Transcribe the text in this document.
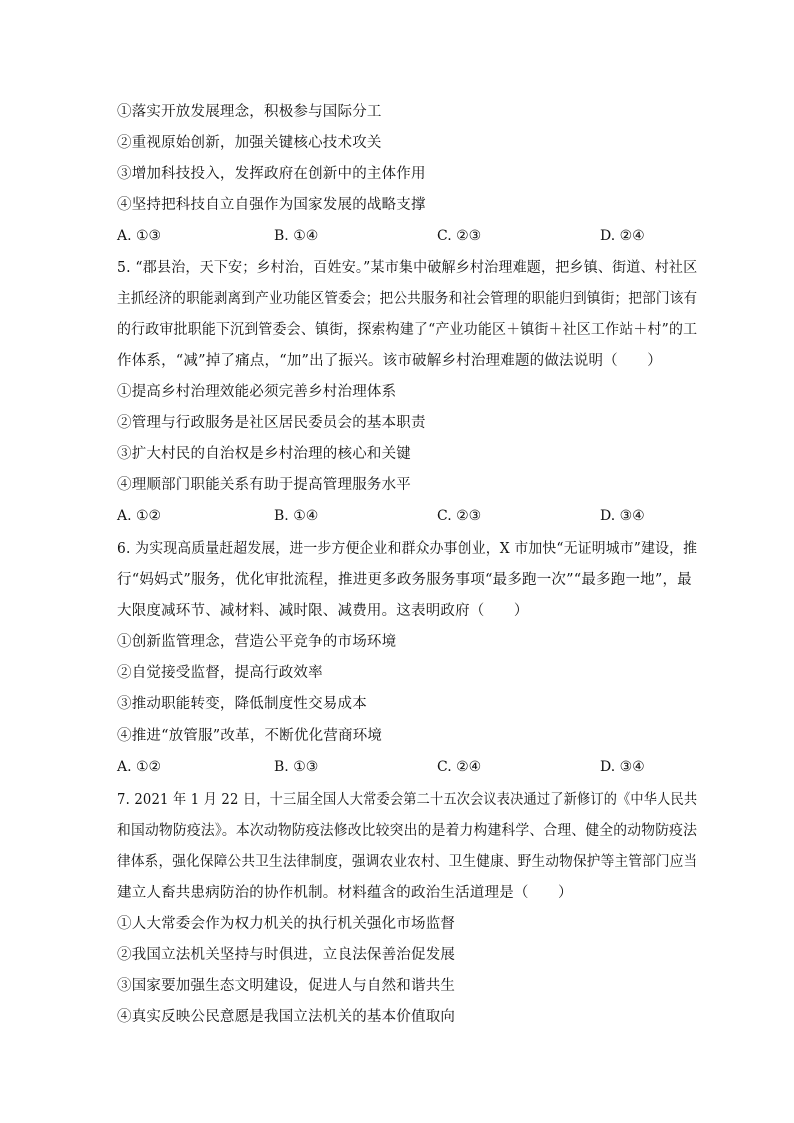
①落实开放发展理念，积极参与国际分工
②重视原始创新，加强关键核心技术攻关
③增加科技投入，发挥政府在创新中的主体作用
④坚持把科技自立自强作为国家发展的战略支撑
A. ①③	B. ①④	C. ②③	D. ②④
5. “郡县治，天下安；乡村治，百姓安。”某市集中破解乡村治理难题，把乡镇、街道、村社区
主抓经济的职能剥离到产业功能区管委会；把公共服务和社会管理的职能归到镇街；把部门该有
的行政审批职能下沉到管委会、镇街，探索构建了“产业功能区＋镇街＋社区工作站＋村”的工
作体系，“减”掉了痛点，“加”出了振兴。该市破解乡村治理难题的做法说明（　　）
①提高乡村治理效能必须完善乡村治理体系
②管理与行政服务是社区居民委员会的基本职责
③扩大村民的自治权是乡村治理的核心和关键
④理顺部门职能关系有助于提高管理服务水平
A. ①②	B. ①④	C. ②③	D. ③④
6. 为实现高质量赶超发展，进一步方便企业和群众办事创业，X 市加快“无证明城市”建设，推
行“妈妈式”服务，优化审批流程，推进更多政务服务事项“最多跑一次”“最多跑一地”，最
大限度减环节、减材料、减时限、减费用。这表明政府（　　）
①创新监管理念，营造公平竞争的市场环境
②自觉接受监督，提高行政效率
③推动职能转变，降低制度性交易成本
④推进“放管服”改革，不断优化营商环境
A. ①②	B. ①③	C. ②④	D. ③④
7. 2021 年 1 月 22 日，十三届全国人大常委会第二十五次会议表决通过了新修订的《中华人民共
和国动物防疫法》。本次动物防疫法修改比较突出的是着力构建科学、合理、健全的动物防疫法
律体系，强化保障公共卫生法律制度，强调农业农村、卫生健康、野生动物保护等主管部门应当
建立人畜共患病防治的协作机制。材料蕴含的政治生活道理是（　　）
①人大常委会作为权力机关的执行机关强化市场监督
②我国立法机关坚持与时俱进，立良法保善治促发展
③国家要加强生态文明建设，促进人与自然和谐共生
④真实反映公民意愿是我国立法机关的基本价值取向
